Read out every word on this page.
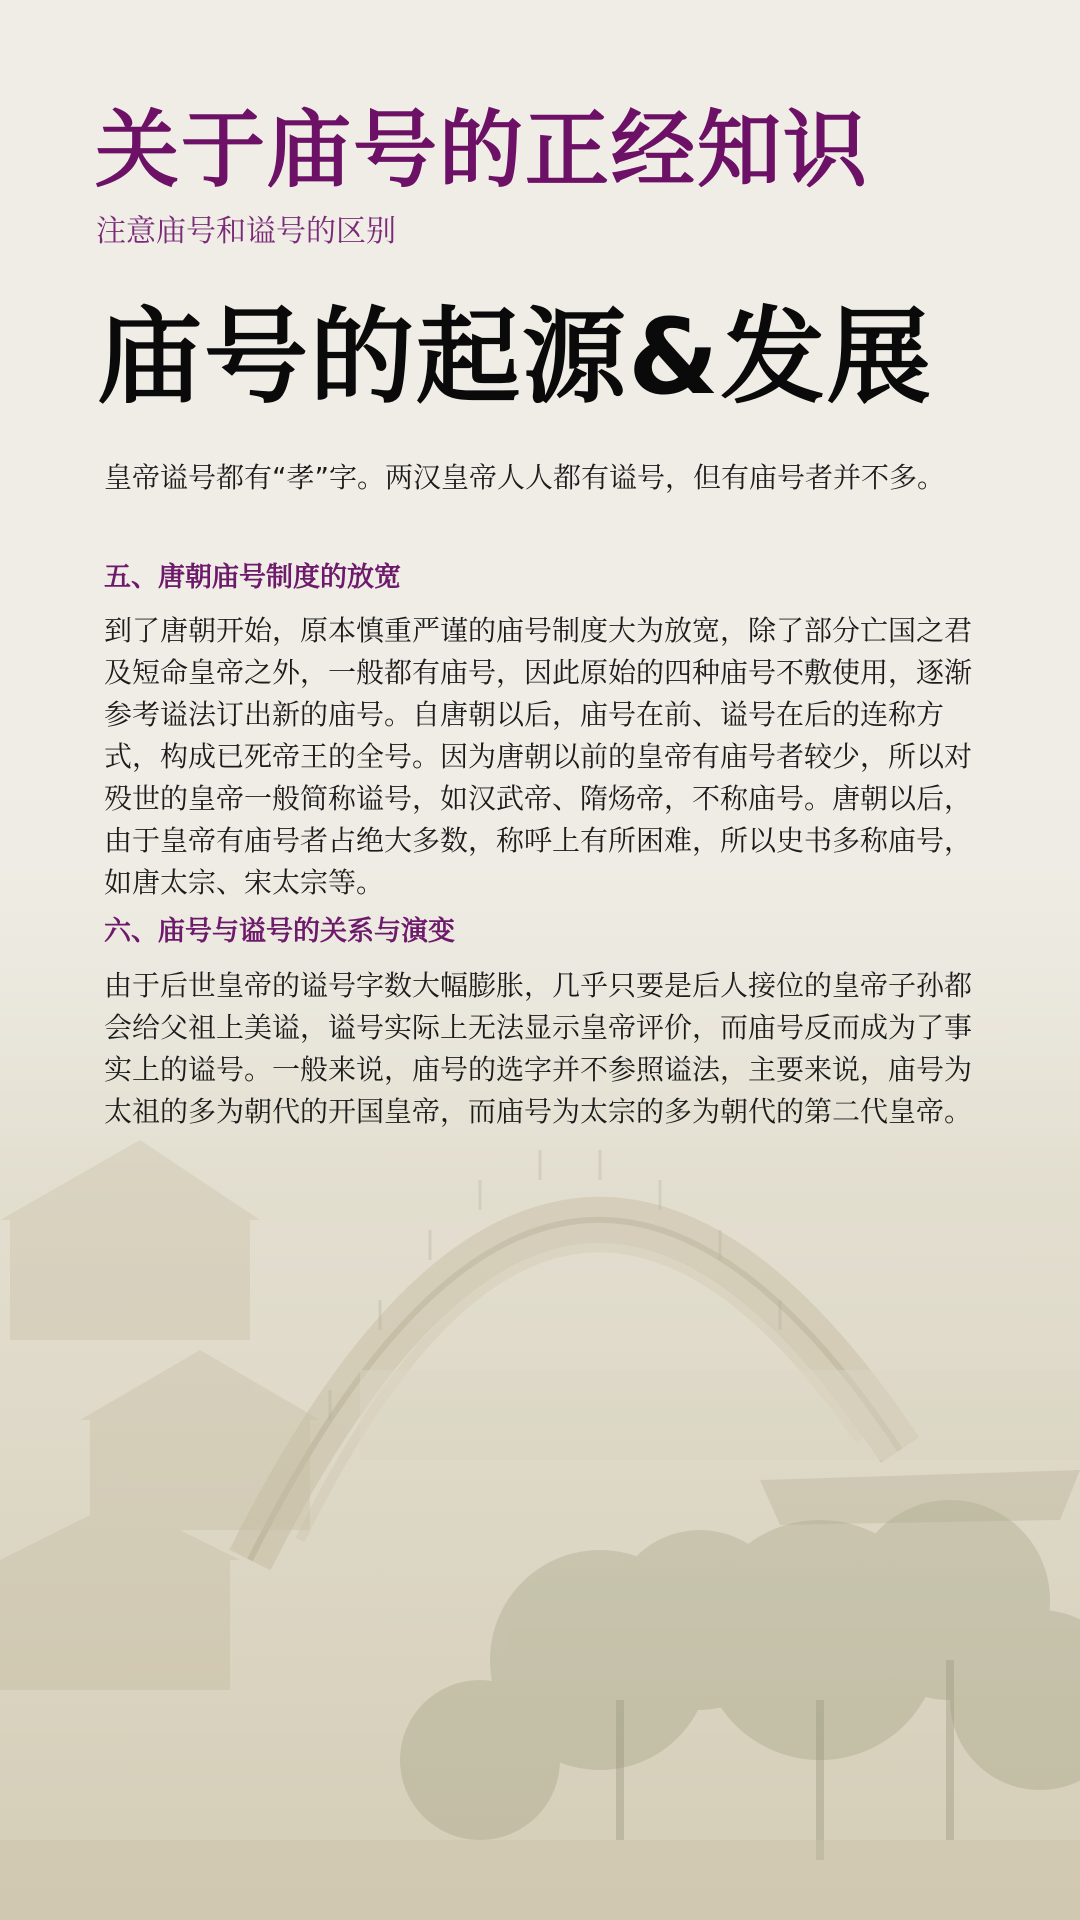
关于庙号的正经知识

注意庙号和谥号的区别

庙号的起源&发展

皇帝谥号都有“孝”字。两汉皇帝人人都有谥号，但有庙号者并不多。

五、唐朝庙号制度的放宽

到了唐朝开始，原本慎重严谨的庙号制度大为放宽，除了部分亡国之君及短命皇帝之外，一般都有庙号，因此原始的四种庙号不敷使用，逐渐参考谥法订出新的庙号。自唐朝以后，庙号在前、谥号在后的连称方式，构成已死帝王的全号。因为唐朝以前的皇帝有庙号者较少，所以对殁世的皇帝一般简称谥号，如汉武帝、隋炀帝，不称庙号。唐朝以后，由于皇帝有庙号者占绝大多数，称呼上有所困难，所以史书多称庙号，如唐太宗、宋太宗等。

六、庙号与谥号的关系与演变

由于后世皇帝的谥号字数大幅膨胀，几乎只要是后人接位的皇帝子孙都会给父祖上美谥，谥号实际上无法显示皇帝评价，而庙号反而成为了事实上的谥号。一般来说，庙号的选字并不参照谥法，主要来说，庙号为太祖的多为朝代的开国皇帝，而庙号为太宗的多为朝代的第二代皇帝。
